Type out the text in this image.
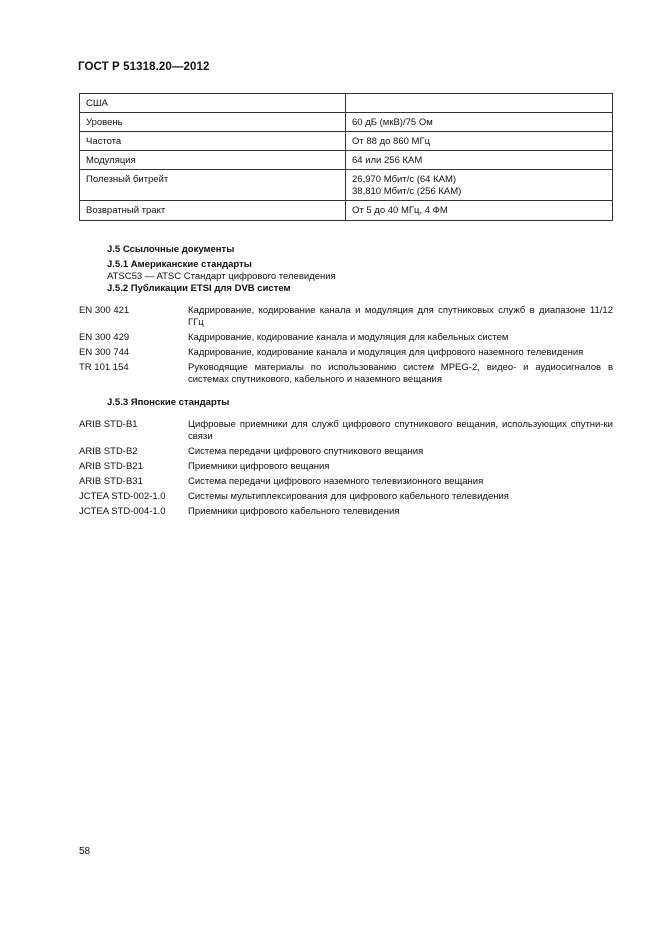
ГОСТ Р 51318.20—2012
США	
Уровень	60 дБ (мкВ)/75 Ом
Частота	От 88 до 860 МГц
Модуляция	64 или 256 КАМ
Полезный битрейт	26,970 Мбит/с (64 КАМ)
38,810 Мбит/с (256 КАМ)

Возвратный тракт	От 5 до 40 МГц, 4 ФМ
J.5 Ссылочные документы
J.5.1 Американские стандарты
ATSC53 — ATSC Стандарт цифрового телевидения
J.5.2 Публикации ETSI для DVB систем
EN 300 421	Кадрирование, кодирование канала и модуляция для спутниковых служб в диапазоне 11/12 ГГц
EN 300 429	Кадрирование, кодирование канала и модуляция для кабельных систем
EN 300 744	Кадрирование, кодирование канала и модуляция для цифрового наземного телевидения
TR 101 154	Руководящие материалы по использованию систем MPEG-2, видео- и аудиосигналов в системах спутникового, кабельного и наземного вещания
J.5.3 Японские стандарты
ARIB STD-B1	Цифровые приемники для служб цифрового спутникового вещания, использующих спутни-ки связи
ARIB STD-B2	Система передачи цифрового спутникового вещания
ARIB STD-B21	Приемники цифрового вещания
ARIB STD-B31	Система передачи цифрового наземного телевизионного вещания
JCTEA STD-002-1.0	Системы мультиплексирования для цифрового кабельного телевидения
JCTEA STD-004-1.0	Приемники цифрового кабельного телевидения
58
